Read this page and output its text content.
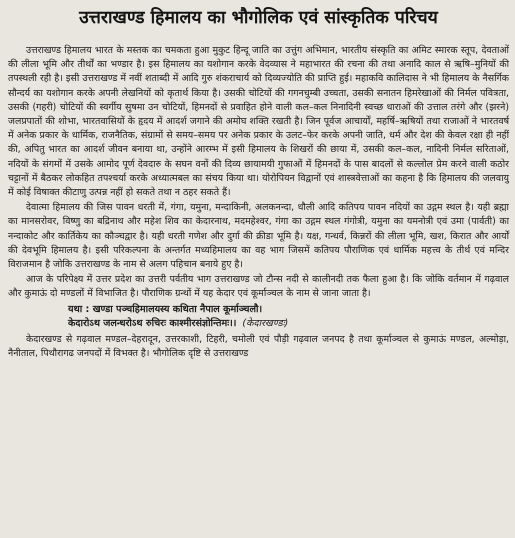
उत्तराखण्ड हिमालय का भौगोलिक एवं सांस्कृतिक परिचय

उत्तराखण्ड हिमालय भारत के मस्तक का चमकता हुआ मुकुट हिन्दू जाति का उत्तुंग अभिमान, भारतीय संस्कृति का अमिट स्मारक स्तूप, देवताओं की लीला भूमि और तीर्थों का भण्डार है। इस हिमालय का यशोगान करके वेदव्यास ने महाभारत की रचना की तथा अनादि काल से ऋषि–मुनियों की तपस्थली रही है। इसी उत्तराखण्ड में नवीं शताब्दी में आदि गुरु शंकराचार्य को दिव्यज्योति की प्राप्ति हुई। महाकवि कालिदास ने भी हिमालय के नैसर्गिक सौन्दर्य का यशोगान करके अपनी लेखनियों को कृतार्थ किया है। उसकी चोटियों की गगनचुम्बी उच्चता, उसकी सनातन हिमरेखाओं की निर्मल पवित्रता, उसकी (गहरी) चोटियों की स्वर्गीय सुषमा उन चोटियों, हिमनदों से प्रवाहित होने वाली कल–कल निनादिनी स्वच्छ धाराओं की उत्ताल तरंगे और (झरने) जलप्रपातों की शोभा, भारतवासियों के हृदय में आदर्श जगाने की अमोघ शक्ति रखती है। जिन पूर्वज आचार्यों, महर्षि–ऋषियों तथा राजाओं ने भारतवर्ष में अनेक प्रकार के धार्मिक, राजनैतिक, संग्रामों से समय–समय पर अनेक प्रकार के उलट–फेर करके अपनी जाति, धर्म और देश की केवल रक्षा ही नहीं की, अपितु भारत का आदर्श जीवन बनाया था, उन्होंने आरम्भ में इसी हिमालय के शिखरों की छाया में, उसकी कल–कल, नादिनी निर्मल सरिताओं, नदियों के संगमों में उसके आमोद पूर्ण देवदारु के सघन वनों की दिव्य छायामयी गुफाओं में हिमनदों के पास बादलों से कल्लोल प्रेम करने वाली कठोर चट्टानों में बैठकर लोकहित तपश्चर्या करके अध्यात्मबल का संचय किया था। योरोपियन विद्वानों एवं शास्त्रवेत्ताओं का कहना है कि हिमालय की जलवायु में कोई विषाक्त कीटाणु उत्पन्न नहीं हो सकते तथा न ठहर सकते हैं।

देवात्मा हिमालय की जिस पावन धरती में, गंगा, यमुना, मन्दाकिनी, अलकनन्दा, धौली आदि कतिपय पावन नदियों का उद्गम स्थल है। यही ब्रह्मा का मानसरोवर, विष्णु का बद्रिनाथ और महेश शिव का केदारनाथ, मदमहेश्वर, गंगा का उद्गम स्थल गंगोत्री, यमुना का यमनोत्री एवं उमा (पार्वती) का नन्दाकोट और कार्तिकेय का कौञ्चद्वार है। यही धरती गणेश और दुर्गा की क्रीडा भूमि है। यक्ष, गन्धर्व, किन्नरों की लीला भूमि, खश, किरात और आर्यों की देवभूमि हिमालय है। इसी परिकल्पना के अन्तर्गत मध्यहिमालय का वह भाग जिसमें कतिपय पौराणिक एवं धार्मिक महत्त्व के तीर्थ एवं मन्दिर विराजमान है जोकि उत्तराखण्ड के नाम से अलग पहिचान बनाये हुए है।

आज के परिपेक्ष्य में उत्तर प्रदेश का उत्तरी पर्वतीय भाग उत्तराखण्ड जो टौन्स नदी से कालीनदी तक फैला हुआ है। कि जोकि वर्तमान में गढ़वाल और कुमाऊं दो मण्डलों में विभाजित है। पौराणिक ग्रन्थों में यह केदार एवं कूर्माञ्चल के नाम से जाना जाता है।

यथा : खण्डा पञ्चहिमालयस्य कथिता नैपाल कूर्माञ्चलौ।
केदारोऽथ जलन्धरोऽथ रुचिरः काश्मीरसंज्ञोन्तिमः।। (केदारखण्डः)

केदारखण्ड से गढ़वाल मण्डल–देहरादून, उत्तरकाशी, टिहरी, चमोली एवं पौड़ी गढ़वाल जनपद है तथा कूर्माञ्चल से कुमाऊं मण्डल, अल्मोड़ा, नैनीताल, पिथौरागढ जनपदों में विभक्त है। भौगोलिक दृष्टि से उत्तराखण्ड
